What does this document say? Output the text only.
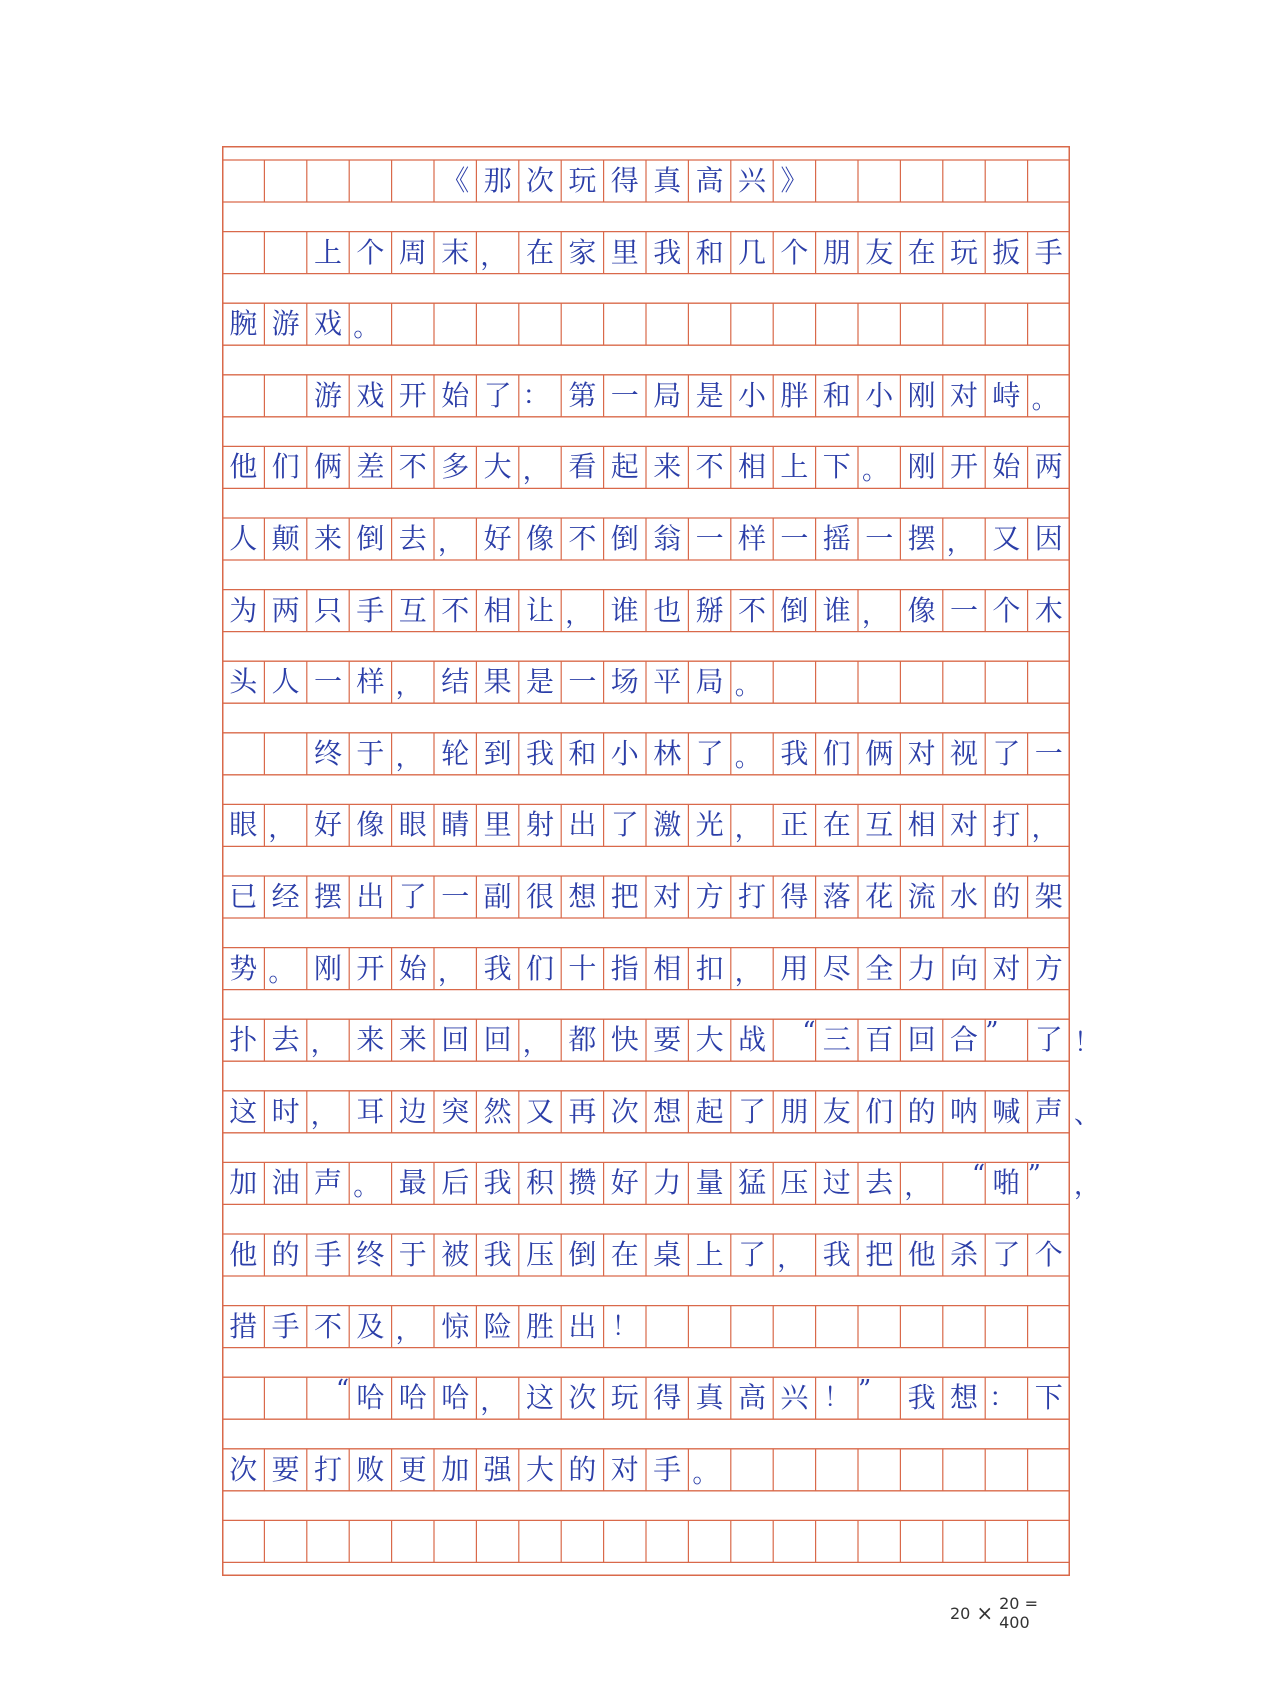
《 那 次 玩 得 真 高 兴 》
上 个 周 末 ， 在 家 里 我 和 几 个 朋 友 在 玩 扳 手
腕 游 戏 。
游 戏 开 始 了 ： 第 一 局 是 小 胖 和 小 刚 对 峙 。
他 们 俩 差 不 多 大 ， 看 起 来 不 相 上 下 。 刚 开 始 两
人 颠 来 倒 去 ， 好 像 不 倒 翁 一 样 一 摇 一 摆 ， 又 因
为 两 只 手 互 不 相 让 ， 谁 也 掰 不 倒 谁 ， 像 一 个 木
头 人 一 样 ， 结 果 是 一 场 平 局 。
终 于 ， 轮 到 我 和 小 林 了 。 我 们 俩 对 视 了 一
眼 ， 好 像 眼 睛 里 射 出 了 激 光 ， 正 在 互 相 对 打 ，
已 经 摆 出 了 一 副 很 想 把 对 方 打 得 落 花 流 水 的 架
势 。 刚 开 始 ， 我 们 十 指 相 扣 ， 用 尽 全 力 向 对 方
扑 去 ， 来 来 回 回 ， 都 快 要 大 战	“ 三 百 回 合 ”	了 ！
这 时 ， 耳 边 突 然 又 再 次 想 起 了 朋 友 们 的 呐 喊 声 、
加 油 声 。 最 后 我 积 攒 好 力 量 猛 压 过 去 ，	“ 啪 ”	，
他 的 手 终 于 被 我 压 倒 在 桌 上 了 ， 我 把 他 杀 了 个
措 手 不 及 ， 惊 险 胜 出 ！
“ 哈 哈 哈 ， 这 次 玩 得 真 高 兴 ！ ”	我 想 ： 下
次 要 打 败 更 加 强 大 的 对 手 。
20 × 20 = 400
